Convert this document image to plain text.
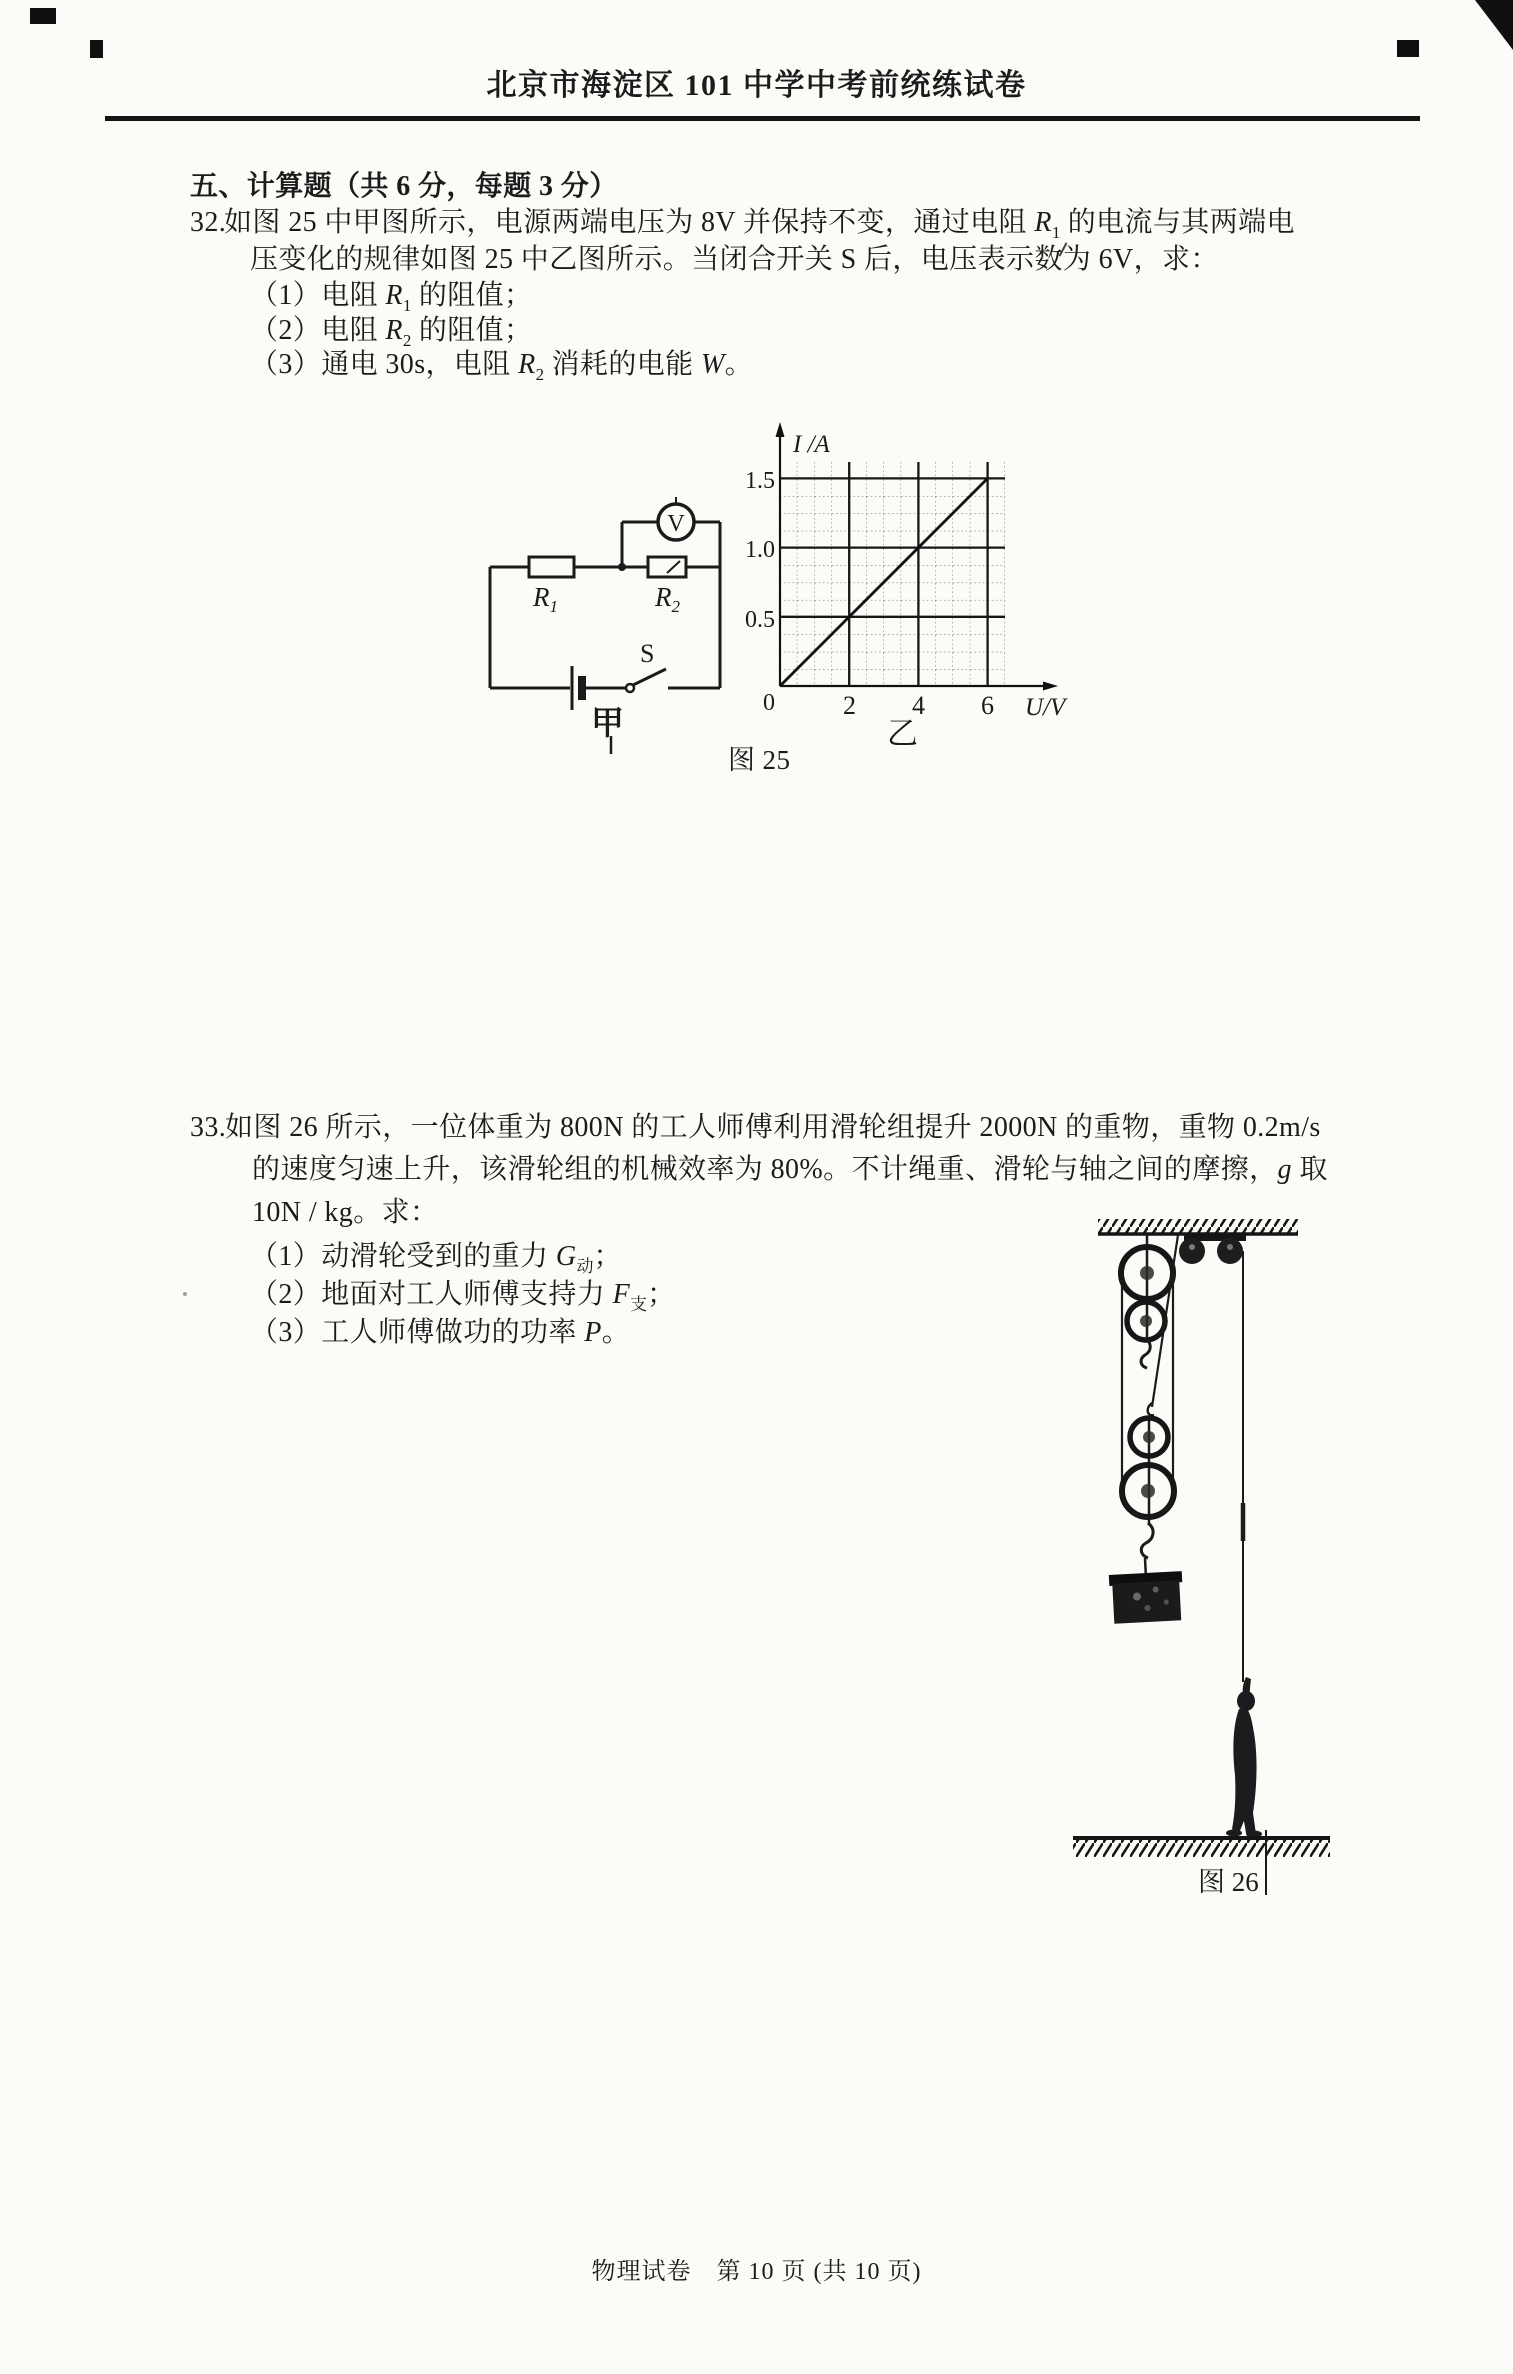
北京市海淀区 101 中学中考前统练试卷
五、计算题（共 6 分，每题 3 分）
32.
如图 25 中甲图所示，电源两端电压为 8V 并保持不变，通过电阻 $R_1$ 的电流与其两端电
压变化的规律如图 25 中乙图所示。当闭合开关 S 后，电压表示数为 6V，求：
（1）电阻 $R_1$ 的阻值；
（2）电阻 $R_2$ 的阻值；
（3）通电 30s，电阻 $R_2$ 消耗的电能 W。
V
S
$R_1$	$R_2$
甲
I /A
U/V
0	2 4 6
1.5
1.0
0.5
乙
图 25
33.
如图 26 所示，一位体重为 800N 的工人师傅利用滑轮组提升 2000N 的重物，重物 0.2m/s
的速度匀速上升，该滑轮组的机械效率为 80%。不计绳重、滑轮与轴之间的摩擦，g 取
10N / kg。求：
（1）动滑轮受到的重力 $G_动$；
（2）地面对工人师傅支持力 $F_支$；
（3）工人师傅做功的功率 P。
图 26
物理试卷　第 10 页 (共 10 页)
